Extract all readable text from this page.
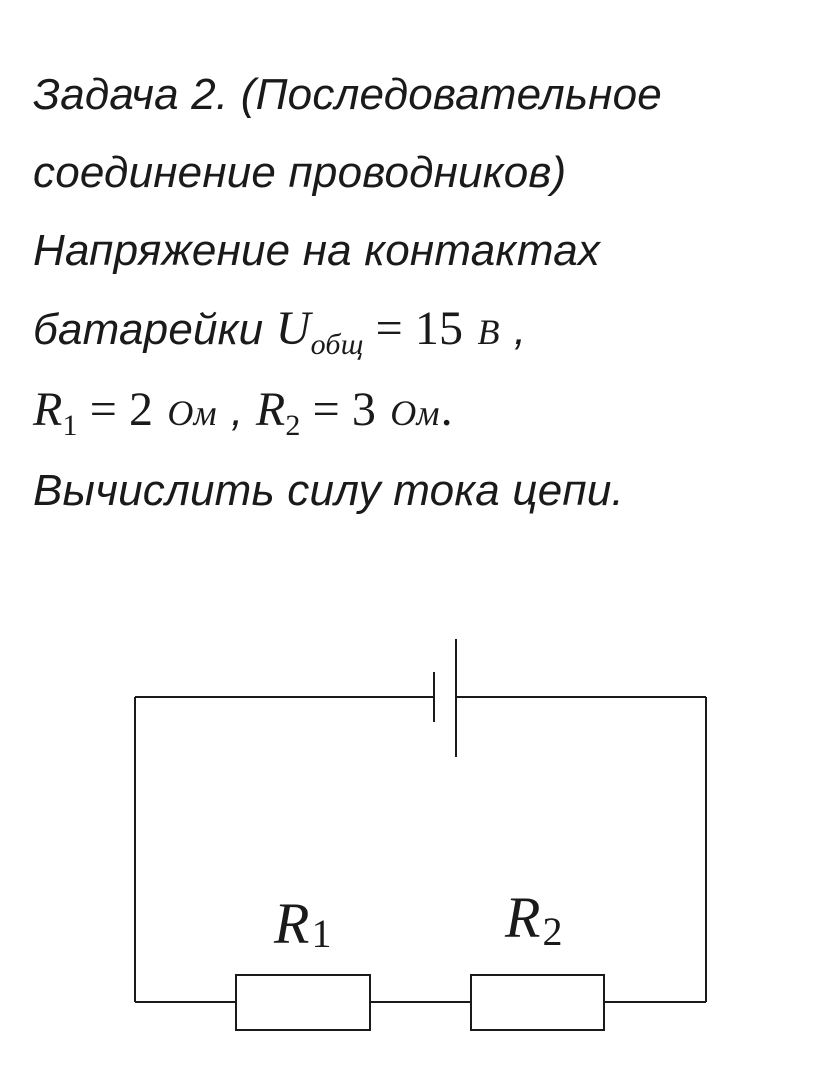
Задача 2. (Последовательное
соединение проводников)
Напряжение на контактах
батарейки $U_{общ} = 15$ В ,
$R_1 = 2$ Ом , $R_2 = 3$ Ом.
Вычислить силу тока цепи.
R1	R2
